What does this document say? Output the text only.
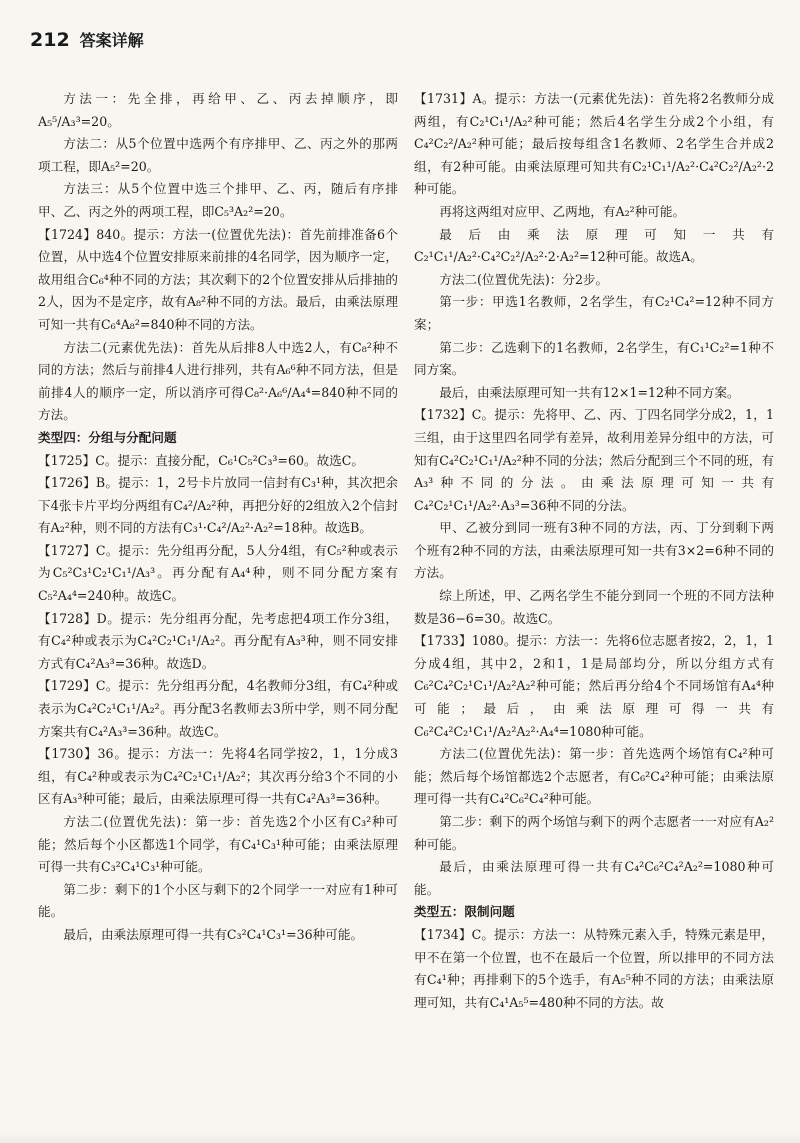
212 答案详解

方法一：先全排，再给甲、乙、丙去掉顺序，即A₅⁵/A₃³=20。

方法二：从5个位置中选两个有序排甲、乙、丙之外的那两项工程，即A₅²=20。

方法三：从5个位置中选三个排甲、乙、丙，随后有序排甲、乙、丙之外的两项工程，即C₅³A₂²=20。

【1724】840。提示：方法一(位置优先法)：首先前排准备6个位置，从中选4个位置安排原来前排的4名同学，因为顺序一定，故用组合C₆⁴种不同的方法；其次剩下的2个位置安排从后排抽的2人，因为不是定序，故有A₈²种不同的方法。最后，由乘法原理可知一共有C₆⁴A₈²=840种不同的方法。

方法二(元素优先法)：首先从后排8人中选2人，有C₈²种不同的方法；然后与前排4人进行排列，共有A₆⁶种不同方法，但是前排4人的顺序一定，所以消序可得C₈²·A₆⁶/A₄⁴=840种不同的方法。

类型四：分组与分配问题

【1725】C。提示：直接分配，C₆¹C₅²C₃³=60。故选C。

【1726】B。提示：1，2号卡片放同一信封有C₃¹种，其次把余下4张卡片平均分两组有C₄²/A₂²种，再把分好的2组放入2个信封有A₂²种，则不同的方法有C₃¹·C₄²/A₂²·A₂²=18种。故选B。

【1727】C。提示：先分组再分配，5人分4组，有C₅²种或表示为C₅²C₃¹C₂¹C₁¹/A₃³。再分配有A₄⁴种，则不同分配方案有C₅²A₄⁴=240种。故选C。

【1728】D。提示：先分组再分配，先考虑把4项工作分3组，有C₄²种或表示为C₄²C₂¹C₁¹/A₂²。再分配有A₃³种，则不同安排方式有C₄²A₃³=36种。故选D。

【1729】C。提示：先分组再分配，4名教师分3组，有C₄²种或表示为C₄²C₂¹C₁¹/A₂²。再分配3名教师去3所中学，则不同分配方案共有C₄²A₃³=36种。故选C。

【1730】36。提示：方法一：先将4名同学按2，1，1分成3组，有C₄²种或表示为C₄²C₂¹C₁¹/A₂²；其次再分给3个不同的小区有A₃³种可能；最后，由乘法原理可得一共有C₄²A₃³=36种。

方法二(位置优先法)：第一步：首先选2个小区有C₃²种可能；然后每个小区都选1个同学，有C₄¹C₃¹种可能；由乘法原理可得一共有C₃²C₄¹C₃¹种可能。

第二步：剩下的1个小区与剩下的2个同学一一对应有1种可能。

最后，由乘法原理可得一共有C₃²C₄¹C₃¹=36种可能。

【1731】A。提示：方法一(元素优先法)：首先将2名教师分成两组，有C₂¹C₁¹/A₂²种可能；然后4名学生分成2个小组，有C₄²C₂²/A₂²种可能；最后按每组含1名教师、2名学生合并成2组，有2种可能。由乘法原理可知共有C₂¹C₁¹/A₂²·C₄²C₂²/A₂²·2种可能。

再将这两组对应甲、乙两地，有A₂²种可能。

最后由乘法原理可知一共有C₂¹C₁¹/A₂²·C₄²C₂²/A₂²·2·A₂²=12种可能。故选A。

方法二(位置优先法)：分2步。

第一步：甲选1名教师，2名学生，有C₂¹C₄²=12种不同方案；

第二步：乙选剩下的1名教师，2名学生，有C₁¹C₂²=1种不同方案。

最后，由乘法原理可知一共有12×1=12种不同方案。

【1732】C。提示：先将甲、乙、丙、丁四名同学分成2，1，1三组，由于这里四名同学有差异，故利用差异分组中的方法，可知有C₄²C₂¹C₁¹/A₂²种不同的分法；然后分配到三个不同的班，有A₃³种不同的分法。由乘法原理可知一共有C₄²C₂¹C₁¹/A₂²·A₃³=36种不同的分法。

甲、乙被分到同一班有3种不同的方法，丙、丁分到剩下两个班有2种不同的方法，由乘法原理可知一共有3×2=6种不同的方法。

综上所述，甲、乙两名学生不能分到同一个班的不同方法种数是36−6=30。故选C。

【1733】1080。提示：方法一：先将6位志愿者按2，2，1，1分成4组，其中2，2和1，1是局部均分，所以分组方式有C₆²C₄²C₂¹C₁¹/A₂²A₂²种可能；然后再分给4个不同场馆有A₄⁴种可能；最后，由乘法原理可得一共有C₆²C₄²C₂¹C₁¹/A₂²A₂²·A₄⁴=1080种可能。

方法二(位置优先法)：第一步：首先选两个场馆有C₄²种可能；然后每个场馆都选2个志愿者，有C₆²C₄²种可能；由乘法原理可得一共有C₄²C₆²C₄²种可能。

第二步：剩下的两个场馆与剩下的两个志愿者一一对应有A₂²种可能。

最后，由乘法原理可得一共有C₄²C₆²C₄²A₂²=1080种可能。

类型五：限制问题

【1734】C。提示：方法一：从特殊元素入手，特殊元素是甲，甲不在第一个位置，也不在最后一个位置，所以排甲的不同方法有C₄¹种；再排剩下的5个选手，有A₅⁵种不同的方法；由乘法原理可知，共有C₄¹A₅⁵=480种不同的方法。故
